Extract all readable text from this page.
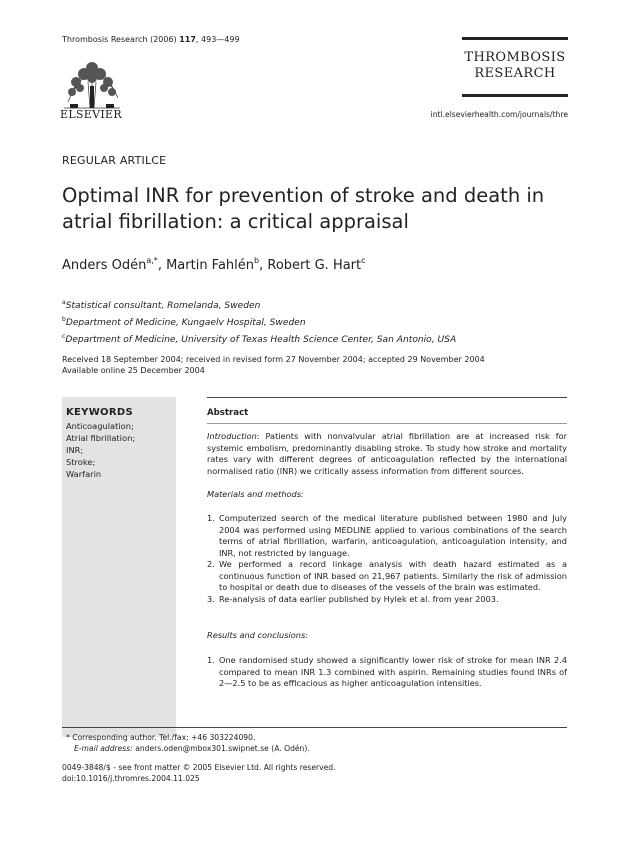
Thrombosis Research (2006) 117, 493—499
ELSEVIER
THROMBOSIS
RESEARCH
intl.elsevierhealth.com/journals/thre
REGULAR ARTILCE
Optimal INR for prevention of stroke and death in atrial fibrillation: a critical appraisal
Anders Odén$^{a,*}$, Martin Fahlén$^b$, Robert G. Hart$^c$
$^a$Statistical consultant, Romelanda, Sweden
$^b$Department of Medicine, Kungaelv Hospital, Sweden
$^c$Department of Medicine, University of Texas Health Science Center, San Antonio, USA
Received 18 September 2004; received in revised form 27 November 2004; accepted 29 November 2004
Available online 25 December 2004
KEYWORDS
Anticoagulation;
Atrial fibrillation;
INR;
Stroke;
Warfarin
Abstract
Introduction: Patients with nonvalvular atrial fibrillation are at increased risk for systemic embolism, predominantly disabling stroke. To study how stroke and mortality rates vary with different degrees of anticoagulation reflected by the international normalised ratio (INR) we critically assess information from different sources.
Materials and methods:
1. Computerized search of the medical literature published between 1980 and July 2004 was performed using MEDLINE applied to various combinations of the search terms of atrial fibrillation, warfarin, anticoagulation, anticoagulation intensity, and INR, not restricted by language.
2. We performed a record linkage analysis with death hazard estimated as a continuous function of INR based on 21,967 patients. Similarly the risk of admission to hospital or death due to diseases of the vessels of the brain was estimated.
3. Re-analysis of data earlier published by Hylek et al. from year 2003.
Results and conclusions:
1. One randomised study showed a significantly lower risk of stroke for mean INR 2.4 compared to mean INR 1.3 combined with aspirin. Remaining studies found INRs of 2—2.5 to be as efficacious as higher anticoagulation intensities.
* Corresponding author. Tel./fax: +46 303224090.
E-mail address: anders.oden@mbox301.swipnet.se (A. Odén).
0049-3848/$ - see front matter © 2005 Elsevier Ltd. All rights reserved.
doi:10.1016/j.thromres.2004.11.025
